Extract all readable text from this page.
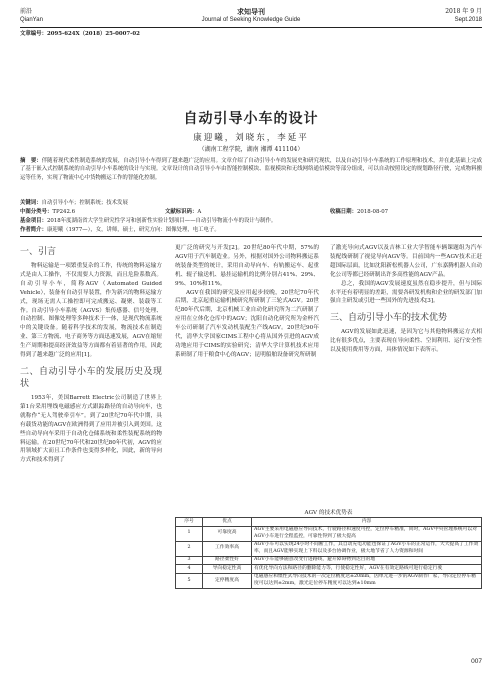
前沿
QianYan
求知导刊
Journal of Seeking Knowledge Guide
2018 年 9 月
Sept.2018
文章编号：2095-624X（2018）25-0007-02
自动引导小车的设计
康迎曦，刘晓东，李延平
（湖南工程学院，湖南 湘潭 411104）
摘　要：伴随着现代柔性制造系统的发展，自动引导小车得到了越来越广泛的应用。文章介绍了自动引导小车的发展史和研究现状，以及自动引导小车系统的工作原理和技术，并在此基础上完成了基于嵌入式控制系统的自动引导小车系统的设计与实现。文章设计的自动引导小车由智能控制模块、监视模块和无线网络通信模块等部分组成，可以自动按照设定的规划路径行驶，完成物料搬运等任务，实现了物流中心中货物搬运工作的智能化控制。
关键词：自动引导小车；控制系统；技术发展
中图分类号：TP242.6	文献标识码：A	收稿日期：2018-08-07
基金项目：2018年度湖南省大学生研究性学习和创新性实验计划项目——自动引导物流小车的设计与制作。
作者简介：康迎曦（1977—），女，讲师，硕士，研究方向：图像处理，电工电子。
一、引言

物料运输是一项繁重复杂的工作，传统的物料运输方式是由人工操作，不仅需要人力资源，而且危险系数高。自动引导小车，简称AGV（Automated Guided Vehicle），装备有自动引导装置，作为新兴的物料运输方式，现场无需人工操控即可完成搬运、凝聚、装载等工作。自动引导小车系统（AGVS）集传感器、信号处理、自动控制、图像处理等多种技术于一体，是现代物流系统中的关键设备。随着科学技术的发展，物流技术在制造业、第三方物流、电子商务等方面迅速发展，AGV在缩短生产周期和提高经济效益等方面都有着显著的作用，因此得到了越来越广泛的应用[1]。

二、自动引导小车的发展历史及现状

1953年，美国Barrett Electric公司制造了世界上第1台采用埋线电磁感应方式跟踪路径的自动导向车，也就称作“无人驾驶牵引车”。到了20世纪70年代中期，具有载货功能的AGV在欧洲得到了应用并被引入到美国。这些自动导向车采用于自动化仓储系统和柔性装配系统的物料运输。在20世纪70年代和20世纪80年代初，AGV的应用领域扩大而且工作条件也变得多样化，因此，新的导向方式和技术得到了

更广泛的研究与开发[2]。20世纪80年代中期，57%的AGV用于汽车制造业。另外，根据对国外公司物料搬运系统装备类型的统计，采用自动导向车、有轨搬运车、起重机、辊子输送机、悬挂运输机的比例分别占41%、29%、9%、10%和11%。

AGV在我国的研究及应用起步较晚，20世纪70年代后期，北京起重运输机械研究所研制了三轮式AGV。20世纪80年代后期，北京机械工业自动化研究所为二汽研制了应用在立体化仓库中的AGV；沈阳自动化研究所为金杯汽车公司研制了汽车发动机装配生产线AGV。20世纪90年代，清华大学国家CIMS工程中心将从国外引进的AGV成功地应用于CIMS的实验研究；清华大学计算机技术应用系研制了用于粮食中心的AGV；昆明船舶设备研究所研制

了激光导向式AGV以及吉林工业大学智能车辆课题组为汽车装配线研制了视觉导向AGV等。目前国内一些AGV技术正赶超国际层面，比如沈阳新松机器人公司，广东嘉腾机器人自动化公司等都已经研制出许多高性能的AGV产品。

总之，我国的AGV发展速度虽然在稳步提升，但与国际水平还有着明显的差距，需要各研发机构和企业的研发部门加强自主研发或引进一些国外的先进技术[3]。

三、自动引导小车的技术优势

AGV的发展如此迅速，是因为它与其他物料搬运方式相比有很多优点，主要表现在导向柔性、空间利用、运行安全性以及使用费用等方面，具体情况如下表所示。

AGV 的技术优势表
序号	优点	内容
1	可靠度高	AGV主要采用电磁感应导向技术，行驶路径和速度可控，定位停车精准，同时，AGV中央管理系统可以对AGV小车进行全程监控，可靠性得到了极大提高
2	工作效率高	AGV小车可以实现24小时不间断工作，其自动充电功能也保证了AGV小车的正常运作，大大提高了工作效率，而且AGV能够实现上下料以及多台协调作业，极大地节省了人力资源和时间
3	路径柔性好	AGV小车能够随意改变行进路线，避开障碍物到达目的地
4	导向稳定性高	有优化导向方法和路径的删除能力等，行使稳定性好，AGV在有效定路线可进行稳定行驶
5	定停精度高	电磁感应和惯性式导向技术的一次定位精度达±20mm，因单元进一步的AGV制作厂家，导向定位停车精度可以达到±2mm，激光定位停车精度可以达到±10mm
007
